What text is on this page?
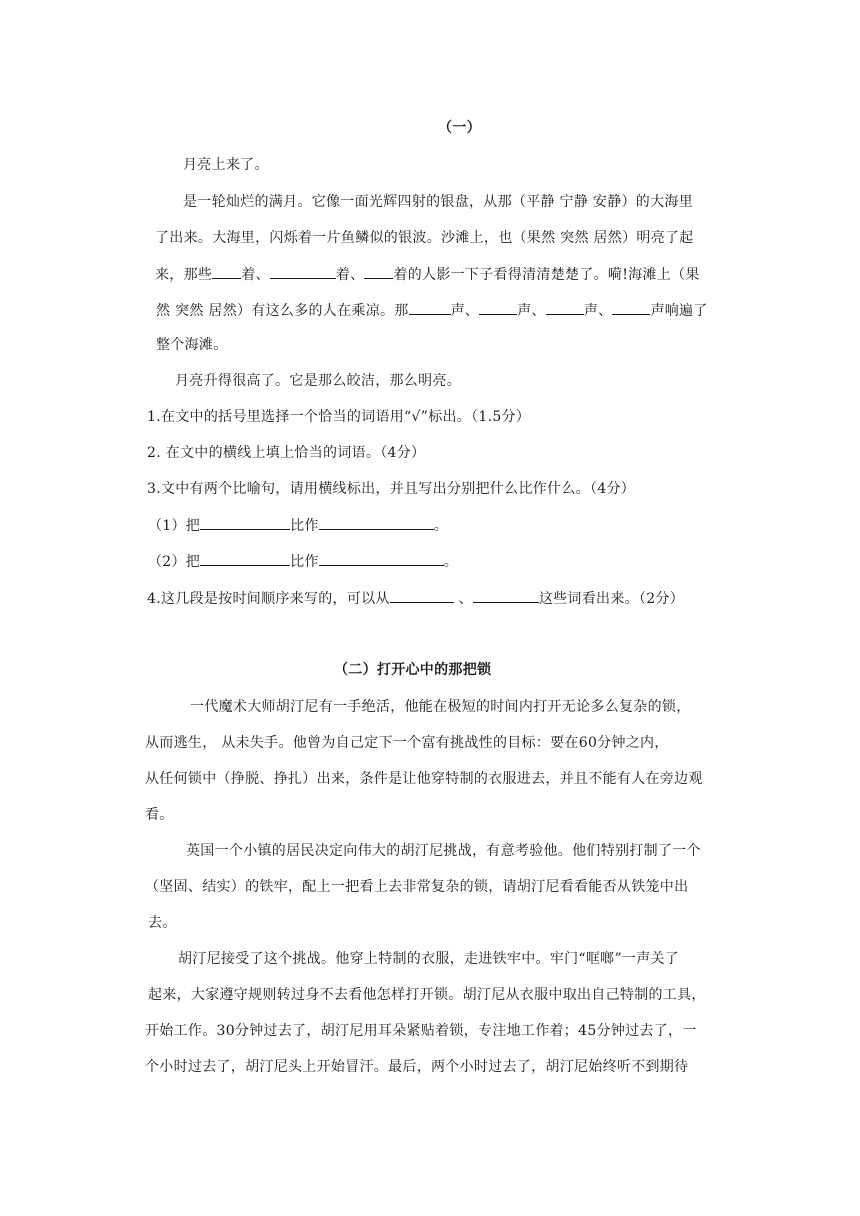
（一）
月亮上来了。
是一轮灿烂的满月。它像一面光辉四射的银盘，从那（平静 宁静 安静）的大海里
了出来。大海里，闪烁着一片鱼鳞似的银波。沙滩上，也（果然 突然 居然）明亮了起
来，那些 着、	着、 着的人影一下子看得清清楚楚了。嗬!海滩上（果
然 突然 居然）有这么多的人在乘凉。那	声、	声、	声、	声响遍了
整个海滩。
月亮升得很高了。它是那么皎洁，那么明亮。
1.在文中的括号里选择一个恰当的词语用“√”标出。（1.5分）
2. 在文中的横线上填上恰当的词语。（4分）
3.文中有两个比喻句，请用横线标出，并且写出分别把什么比作什么。（4分）
（1）把	比作	。
（2）把	比作	。
4.这几段是按时间顺序来写的，可以从	、	这些词看出来。（2分）
（二）打开心中的那把锁
一代魔术大师胡汀尼有一手绝活，他能在极短的时间内打开无论多么复杂的锁，
从而逃生， 从未失手。他曾为自己定下一个富有挑战性的目标：要在60分钟之内，
从任何锁中（挣脱、挣扎）出来，条件是让他穿特制的衣服进去，并且不能有人在旁边观
看。
英国一个小镇的居民决定向伟大的胡汀尼挑战，有意考验他。他们特别打制了一个
（坚固、结实）的铁牢，配上一把看上去非常复杂的锁，请胡汀尼看看能否从铁笼中出
去。
胡汀尼接受了这个挑战。他穿上特制的衣服，走进铁牢中。牢门“哐啷”一声关了
起来，大家遵守规则转过身不去看他怎样打开锁。胡汀尼从衣服中取出自己特制的工具，
开始工作。30分钟过去了，胡汀尼用耳朵紧贴着锁，专注地工作着；45分钟过去了，一
个小时过去了，胡汀尼头上开始冒汗。最后，两个小时过去了，胡汀尼始终听不到期待
